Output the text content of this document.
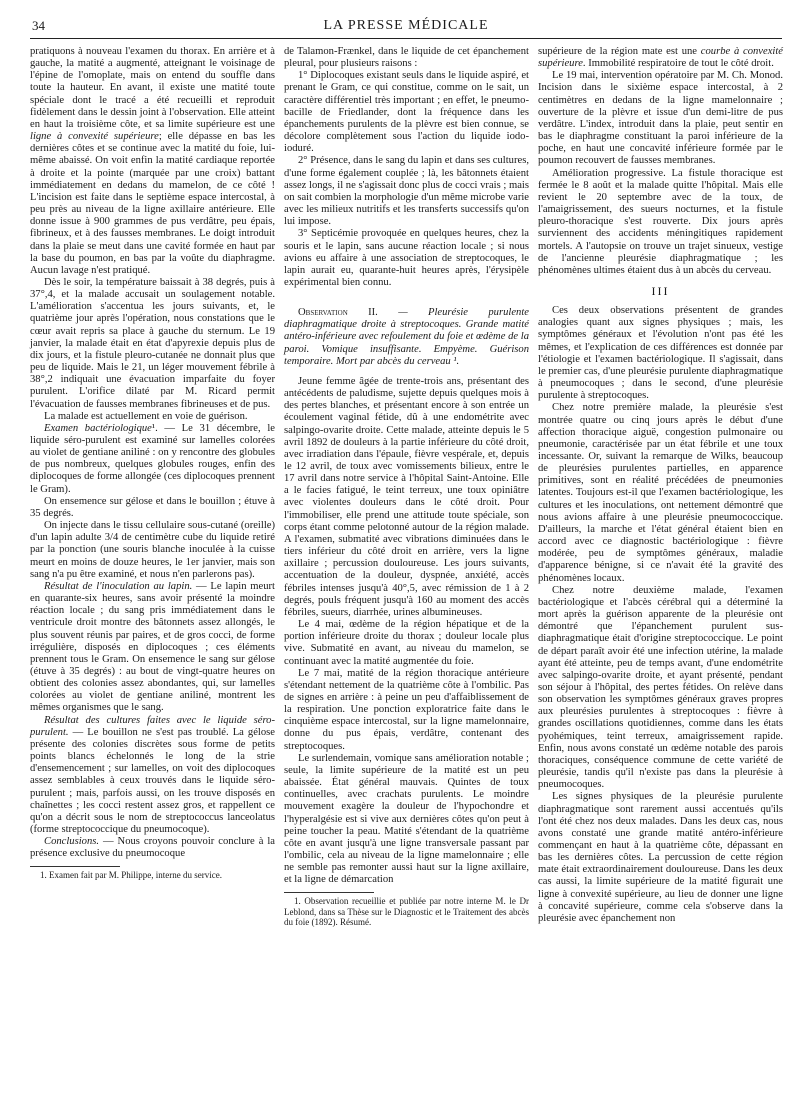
34	LA PRESSE MÉDICALE

pratiquons à nouveau l'examen du thorax. En arrière et à gauche, la matité a augmenté, atteignant le voisinage de l'épine de l'omoplate, mais on entend du souffle dans toute la hauteur. En avant, il existe une matité toute spéciale dont le tracé a été recueilli et reproduit fidèlement dans le dessin joint à l'observation. Elle atteint en haut la troisième côte, et sa limite supérieure est une ligne à convexité supérieure; elle dépasse en bas les dernières côtes et se continue avec la matité du foie, lui-même abaissé. On voit enfin la matité cardiaque reportée à droite et la pointe (marquée par une croix) battant immédiatement en dedans du mamelon, de ce côté ! L'incision est faite dans le septième espace intercostal, à peu près au niveau de la ligne axillaire antérieure. Elle donne issue à 900 grammes de pus verdâtre, peu épais, fibrineux, et à des fausses membranes. Le doigt introduit dans la plaie se meut dans une cavité formée en haut par la base du poumon, en bas par la voûte du diaphragme. Aucun lavage n'est pratiqué.

Dès le soir, la température baissait à 38 degrés, puis à 37°,4, et la malade accusait un soulagement notable. L'amélioration s'accentua les jours suivants, et, le quatrième jour après l'opération, nous constations que le cœur avait repris sa place à gauche du sternum. Le 19 janvier, la malade était en état d'apyrexie depuis plus de dix jours, et la fistule pleuro-cutanée ne donnait plus que peu de liquide. Mais le 21, un léger mouvement fébrile à 38°,2 indiquait une évacuation imparfaite du foyer purulent. L'orifice dilaté par M. Ricard permit l'évacuation de fausses membranes fibrineuses et de pus.

La malade est actuellement en voie de guérison.

Examen bactériologique¹. — Le 31 décembre, le liquide séro-purulent est examiné sur lamelles colorées au violet de gentiane aniliné : on y rencontre des globules de pus nombreux, quelques globules rouges, enfin des diplocoques de forme allongée (ces diplocoques prennent le Gram).

On ensemence sur gélose et dans le bouillon ; étuve à 35 degrés.

On injecte dans le tissu cellulaire sous-cutané (oreille) d'un lapin adulte 3/4 de centimètre cube du liquide retiré par la ponction (une souris blanche inoculée à la cuisse meurt en moins de douze heures, le 1er janvier, mais son sang n'a pu être examiné, et nous n'en parlerons pas).

Résultat de l'inoculation au lapin. — Le lapin meurt en quarante-six heures, sans avoir présenté la moindre réaction locale ; du sang pris immédiatement dans le ventricule droit montre des bâtonnets assez allongés, le plus souvent réunis par paires, et de gros cocci, de forme irrégulière, disposés en diplocoques ; ces éléments prennent tous le Gram. On ensemence le sang sur gélose (étuve à 35 degrés) : au bout de vingt-quatre heures on obtient des colonies assez abondantes, qui, sur lamelles colorées au violet de gentiane aniliné, montrent les mêmes organismes que le sang.

Résultat des cultures faites avec le liquide séro-purulent. — Le bouillon ne s'est pas troublé. La gélose présente des colonies discrètes sous forme de petits points blancs échelonnés le long de la strie d'ensemencement ; sur lamelles, on voit des diplocoques assez semblables à ceux trouvés dans le liquide séro-purulent ; mais, parfois aussi, on les trouve disposés en chaînettes ; les cocci restent assez gros, et rappellent ce qu'on a décrit sous le nom de streptococcus lanceolatus (forme streptococcique du pneumocoque).

Conclusions. — Nous croyons pouvoir conclure à la présence exclusive du pneumocoque

1. Examen fait par M. Philippe, interne du service.

de Talamon-Frænkel, dans le liquide de cet épanchement pleural, pour plusieurs raisons :

1° Diplocoques existant seuls dans le liquide aspiré, et prenant le Gram, ce qui constitue, comme on le sait, un caractère différentiel très important ; en effet, le pneumo-bacille de Friedlander, dont la fréquence dans les épanchements purulents de la plèvre est bien connue, se décolore complètement sous l'action du liquide iodo-ioduré.

2° Présence, dans le sang du lapin et dans ses cultures, d'une forme également couplée ; là, les bâtonnets étaient assez longs, il ne s'agissait donc plus de cocci vrais ; mais on sait combien la morphologie d'un même microbe varie avec les milieux nutritifs et les transferts successifs qu'on lui impose.

3° Septicémie provoquée en quelques heures, chez la souris et le lapin, sans aucune réaction locale ; si nous avions eu affaire à une association de streptocoques, le lapin aurait eu, quarante-huit heures après, l'érysipèle expérimental bien connu.

Observation II. — Pleurésie purulente diaphragmatique droite à streptocoques. Grande matité antéro-inférieure avec refoulement du foie et œdème de la paroi. Vomique insuffisante. Empyème. Guérison temporaire. Mort par abcès du cerveau ¹.

Jeune femme âgée de trente-trois ans, présentant des antécédents de paludisme, sujette depuis quelques mois à des pertes blanches, et présentant encore à son entrée un écoulement vaginal fétide, dû à une endométrite avec salpingo-ovarite droite. Cette malade, atteinte depuis le 5 avril 1892 de douleurs à la partie inférieure du côté droit, avec irradiation dans l'épaule, fièvre vespérale, et, depuis le 12 avril, de toux avec vomissements bilieux, entre le 17 avril dans notre service à l'hôpital Saint-Antoine. Elle a le facies fatigué, le teint terreux, une toux opiniâtre avec violentes douleurs dans le côté droit. Pour l'immobiliser, elle prend une attitude toute spéciale, son corps étant comme pelotonné autour de la région malade. A l'examen, submatité avec vibrations diminuées dans le tiers inférieur du côté droit en arrière, vers la ligne axillaire ; percussion douloureuse. Les jours suivants, accentuation de la douleur, dyspnée, anxiété, accès fébriles intenses jusqu'à 40°,5, avec rémission de 1 à 2 degrés, pouls fréquent jusqu'à 160 au moment des accès fébriles, sueurs, diarrhée, urines albumineuses.

Le 4 mai, œdème de la région hépatique et de la portion inférieure droite du thorax ; douleur locale plus vive. Submatité en avant, au niveau du mamelon, se continuant avec la matité augmentée du foie.

Le 7 mai, matité de la région thoracique antérieure s'étendant nettement de la quatrième côte à l'ombilic. Pas de signes en arrière : à peine un peu d'affaiblissement de la respiration. Une ponction exploratrice faite dans le cinquième espace intercostal, sur la ligne mamelonnaire, donne du pus épais, verdâtre, contenant des streptocoques.

Le surlendemain, vomique sans amélioration notable ; seule, la limite supérieure de la matité est un peu abaissée. État général mauvais. Quintes de toux continuelles, avec crachats purulents. Le moindre mouvement exagère la douleur de l'hypochondre et l'hyperalgésie est si vive aux dernières côtes qu'on peut à peine toucher la peau. Matité s'étendant de la quatrième côte en avant jusqu'à une ligne transversale passant par l'ombilic, cela au niveau de la ligne mamelonnaire ; elle ne semble pas remonter aussi haut sur la ligne axillaire, et la ligne de démarcation

1. Observation recueillie et publiée par notre interne M. le Dr Leblond, dans sa Thèse sur le Diagnostic et le Traitement des abcès du foie (1892). Résumé.

supérieure de la région mate est une courbe à convexité supérieure. Immobilité respiratoire de tout le côté droit.

Le 19 mai, intervention opératoire par M. Ch. Monod. Incision dans le sixième espace intercostal, à 2 centimètres en dedans de la ligne mamelonnaire ; ouverture de la plèvre et issue d'un demi-litre de pus verdâtre. L'index, introduit dans la plaie, peut sentir en bas le diaphragme constituant la paroi inférieure de la poche, en haut une concavité inférieure formée par le poumon recouvert de fausses membranes.

Amélioration progressive. La fistule thoracique est fermée le 8 août et la malade quitte l'hôpital. Mais elle revient le 20 septembre avec de la toux, de l'amaigrissement, des sueurs nocturnes, et la fistule pleuro-thoracique s'est rouverte. Dix jours après surviennent des accidents méningitiques rapidement mortels. A l'autopsie on trouve un trajet sinueux, vestige de l'ancienne pleurésie diaphragmatique ; les phénomènes ultimes étaient dus à un abcès du cerveau.

III

Ces deux observations présentent de grandes analogies quant aux signes physiques ; mais, les symptômes généraux et l'évolution n'ont pas été les mêmes, et l'explication de ces différences est donnée par l'étiologie et l'examen bactériologique. Il s'agissait, dans le premier cas, d'une pleurésie purulente diaphragmatique à pneumocoques ; dans le second, d'une pleurésie purulente à streptocoques.

Chez notre première malade, la pleurésie s'est montrée quatre ou cinq jours après le début d'une affection thoracique aiguë, congestion pulmonaire ou pneumonie, caractérisée par un état fébrile et une toux incessante. Or, suivant la remarque de Wilks, beaucoup de pleurésies purulentes partielles, en apparence primitives, sont en réalité précédées de pneumonies latentes. Toujours est-il que l'examen bactériologique, les cultures et les inoculations, ont nettement démontré que nous avions affaire à une pleurésie pneumococcique. D'ailleurs, la marche et l'état général étaient bien en accord avec ce diagnostic bactériologique : fièvre modérée, peu de symptômes généraux, maladie d'apparence bénigne, si ce n'avait été la gravité des phénomènes locaux.

Chez notre deuxième malade, l'examen bactériologique et l'abcès cérébral qui a déterminé la mort après la guérison apparente de la pleurésie ont démontré que l'épanchement purulent sus-diaphragmatique était d'origine streptococcique. Le point de départ paraît avoir été une infection utérine, la malade ayant été atteinte, peu de temps avant, d'une endométrite avec salpingo-ovarite droite, et ayant présenté, pendant son séjour à l'hôpital, des pertes fétides. On relève dans son observation les symptômes généraux graves propres aux pleurésies purulentes à streptocoques : fièvre à grandes oscillations quotidiennes, comme dans les états pyohémiques, teint terreux, amaigrissement rapide. Enfin, nous avons constaté un œdème notable des parois thoraciques, conséquence commune de cette variété de pleurésie, tandis qu'il n'existe pas dans la pleurésie à pneumocoques.

Les signes physiques de la pleurésie purulente diaphragmatique sont rarement aussi accentués qu'ils l'ont été chez nos deux malades. Dans les deux cas, nous avons constaté une grande matité antéro-inférieure commençant en haut à la quatrième côte, dépassant en bas les dernières côtes. La percussion de cette région mate était extraordinairement douloureuse. Dans les deux cas aussi, la limite supérieure de la matité figurait une ligne à convexité supérieure, au lieu de donner une ligne à concavité supérieure, comme cela s'observe dans la pleurésie avec épanchement non
